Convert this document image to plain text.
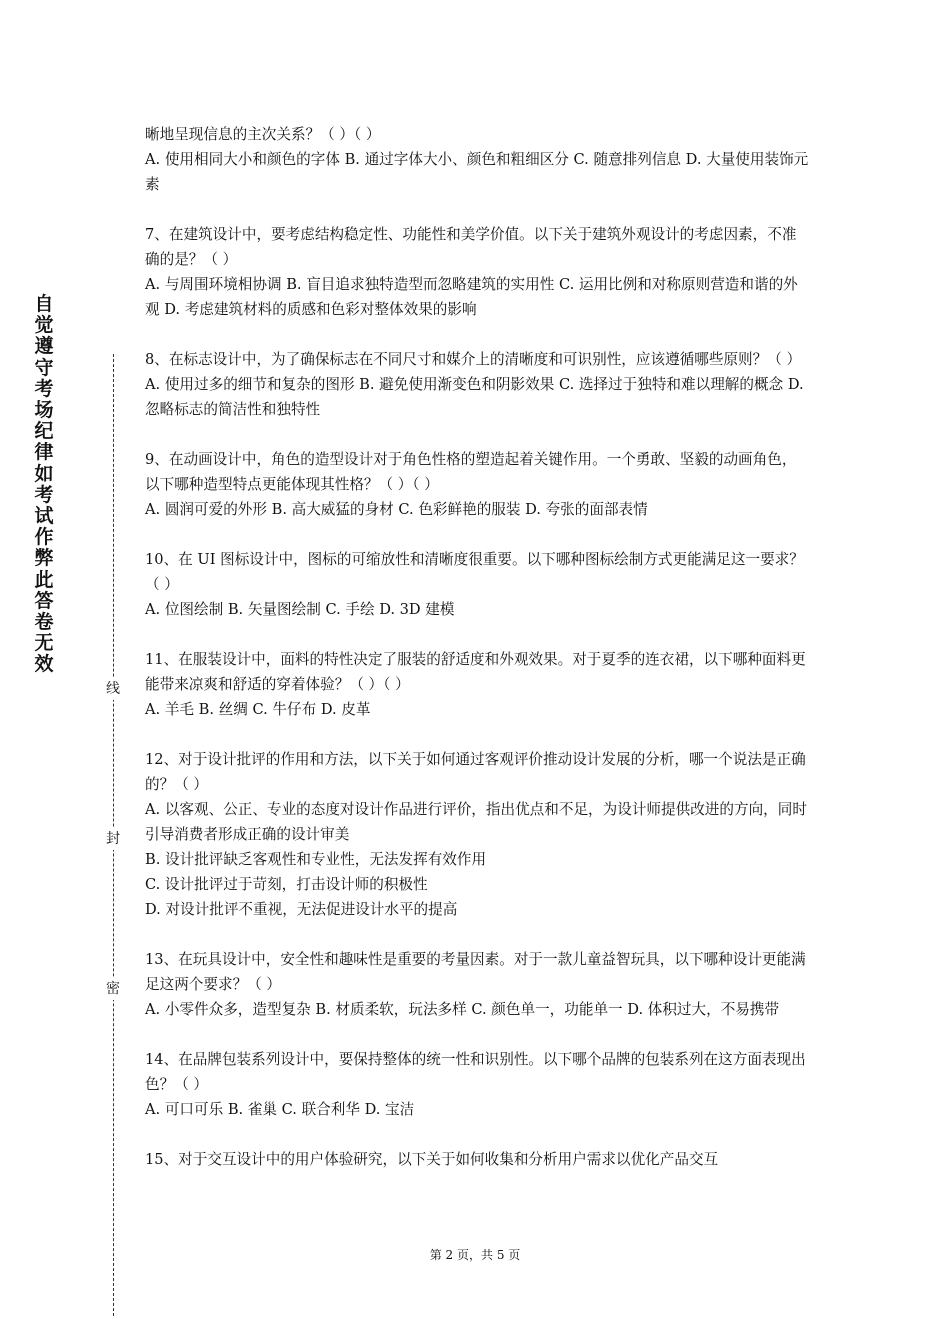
自觉遵守考场纪律如考试作弊此答卷无效
线
封
密

晰地呈现信息的主次关系？（ ）（ ）

A. 使用相同大小和颜色的字体 B. 通过字体大小、颜色和粗细区分 C. 随意排列信息 D. 大量使用装饰元素

7、在建筑设计中，要考虑结构稳定性、功能性和美学价值。以下关于建筑外观设计的考虑因素，不准确的是？（ ）

A. 与周围环境相协调 B. 盲目追求独特造型而忽略建筑的实用性 C. 运用比例和对称原则营造和谐的外观 D. 考虑建筑材料的质感和色彩对整体效果的影响

8、在标志设计中，为了确保标志在不同尺寸和媒介上的清晰度和可识别性，应该遵循哪些原则？（ ）

A. 使用过多的细节和复杂的图形 B. 避免使用渐变色和阴影效果 C. 选择过于独特和难以理解的概念 D. 忽略标志的简洁性和独特性

9、在动画设计中，角色的造型设计对于角色性格的塑造起着关键作用。一个勇敢、坚毅的动画角色，以下哪种造型特点更能体现其性格？（ ）（ ）

A. 圆润可爱的外形 B. 高大威猛的身材 C. 色彩鲜艳的服装 D. 夸张的面部表情

10、在 UI 图标设计中，图标的可缩放性和清晰度很重要。以下哪种图标绘制方式更能满足这一要求？（ ）

A. 位图绘制 B. 矢量图绘制 C. 手绘 D. 3D 建模

11、在服装设计中，面料的特性决定了服装的舒适度和外观效果。对于夏季的连衣裙，以下哪种面料更能带来凉爽和舒适的穿着体验？（ ）（ ）

A. 羊毛 B. 丝绸 C. 牛仔布 D. 皮革

12、对于设计批评的作用和方法，以下关于如何通过客观评价推动设计发展的分析，哪一个说法是正确的？（ ）

A. 以客观、公正、专业的态度对设计作品进行评价，指出优点和不足，为设计师提供改进的方向，同时引导消费者形成正确的设计审美

B. 设计批评缺乏客观性和专业性，无法发挥有效作用

C. 设计批评过于苛刻，打击设计师的积极性

D. 对设计批评不重视，无法促进设计水平的提高

13、在玩具设计中，安全性和趣味性是重要的考量因素。对于一款儿童益智玩具，以下哪种设计更能满足这两个要求？（ ）

A. 小零件众多，造型复杂 B. 材质柔软，玩法多样 C. 颜色单一，功能单一 D. 体积过大，不易携带

14、在品牌包装系列设计中，要保持整体的统一性和识别性。以下哪个品牌的包装系列在这方面表现出色？（ ）

A. 可口可乐 B. 雀巢 C. 联合利华 D. 宝洁

15、对于交互设计中的用户体验研究，以下关于如何收集和分析用户需求以优化产品交互

第 2 页，共 5 页
